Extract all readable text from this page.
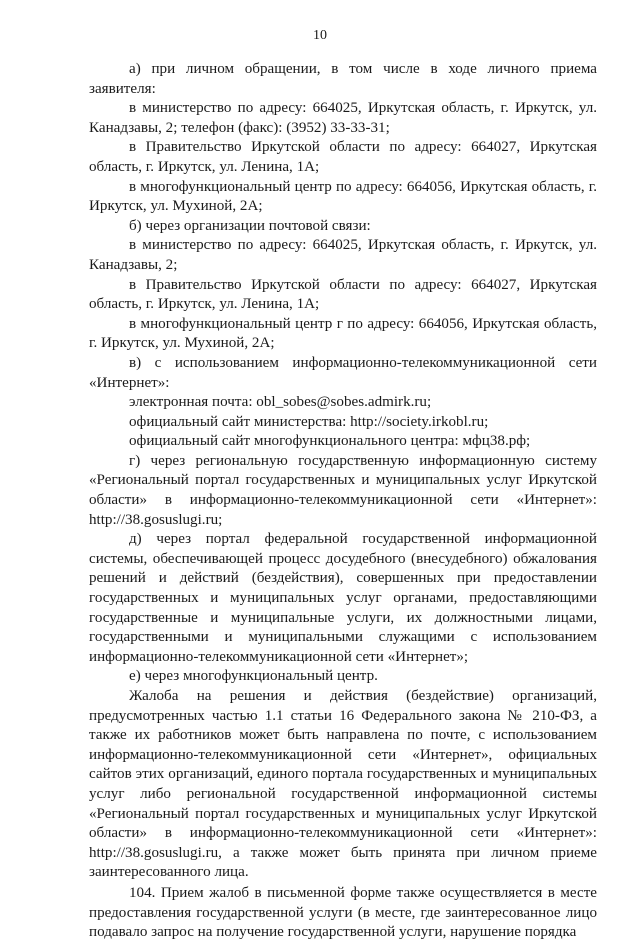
10

а) при личном обращении, в том числе в ходе личного приема заявителя:

в министерство по адресу: 664025, Иркутская область, г. Иркутск, ул. Канадзавы, 2; телефон (факс): (3952) 33-33-31;

в Правительство Иркутской области по адресу: 664027, Иркутская область, г. Иркутск, ул. Ленина, 1А;

в многофункциональный центр по адресу: 664056, Иркутская область, г. Иркутск, ул. Мухиной, 2А;

б) через организации почтовой связи:

в министерство по адресу: 664025, Иркутская область, г. Иркутск, ул. Канадзавы, 2;

в Правительство Иркутской области по адресу: 664027, Иркутская область, г. Иркутск, ул. Ленина, 1А;

в многофункциональный центр г по адресу: 664056, Иркутская область, г. Иркутск, ул. Мухиной, 2А;

в) с использованием информационно-телекоммуникационной сети «Интернет»:

электронная почта: obl_sobes@sobes.admirk.ru;

официальный сайт министерства: http://society.irkobl.ru;

официальный сайт многофункционального центра: мфц38.рф;

г) через региональную государственную информационную систему «Региональный портал государственных и муниципальных услуг Иркутской области» в информационно-телекоммуникационной сети «Интернет»: http://38.gosuslugi.ru;

д) через портал федеральной государственной информационной системы, обеспечивающей процесс досудебного (внесудебного) обжалования решений и действий (бездействия), совершенных при предоставлении государственных и муниципальных услуг органами, предоставляющими государственные и муниципальные услуги, их должностными лицами, государственными и муниципальными служащими с использованием информационно-телекоммуникационной сети «Интернет»;

е) через многофункциональный центр.

Жалоба на решения и действия (бездействие) организаций, предусмотренных частью 1.1 статьи 16 Федерального закона № 210-ФЗ, а также их работников может быть направлена по почте, с использованием информационно-телекоммуникационной сети «Интернет», официальных сайтов этих организаций, единого портала государственных и муниципальных услуг либо региональной государственной информационной системы «Региональный портал государственных и муниципальных услуг Иркутской области» в информационно-телекоммуникационной сети «Интернет»: http://38.gosuslugi.ru, а также может быть принята при личном приеме заинтересованного лица.

104. Прием жалоб в письменной форме также осуществляется в месте предоставления государственной услуги (в месте, где заинтересованное лицо подавало запрос на получение государственной услуги, нарушение порядка
